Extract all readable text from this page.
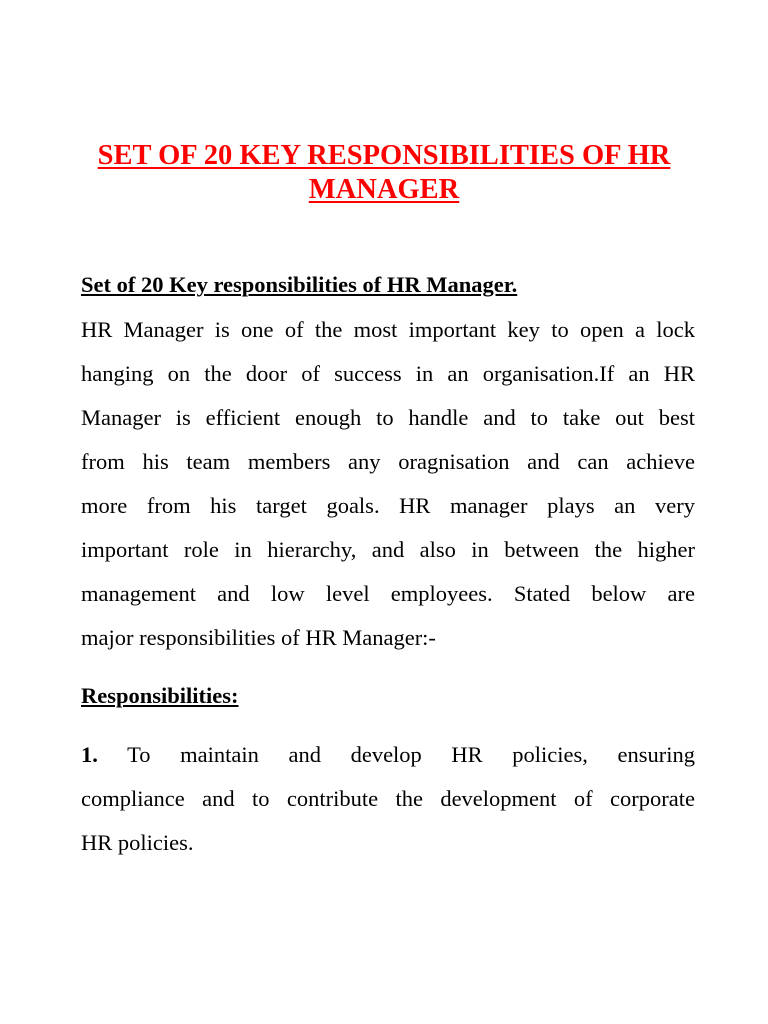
SET OF 20 KEY RESPONSIBILITIES OF HR
MANAGER
Set of 20 Key responsibilities of HR Manager.
HR Manager is one of the most important key to open a lock
hanging on the door of success in an organisation.If an HR
Manager is efficient enough to handle and to take out best
from his team members any oragnisation and can achieve
more from his target goals. HR manager plays an very
important role in hierarchy, and also in between the higher
management and low level employees. Stated below are
major responsibilities of HR Manager:-
Responsibilities:
1. To maintain and develop HR policies, ensuring
compliance and to contribute the development of corporate
HR policies.
